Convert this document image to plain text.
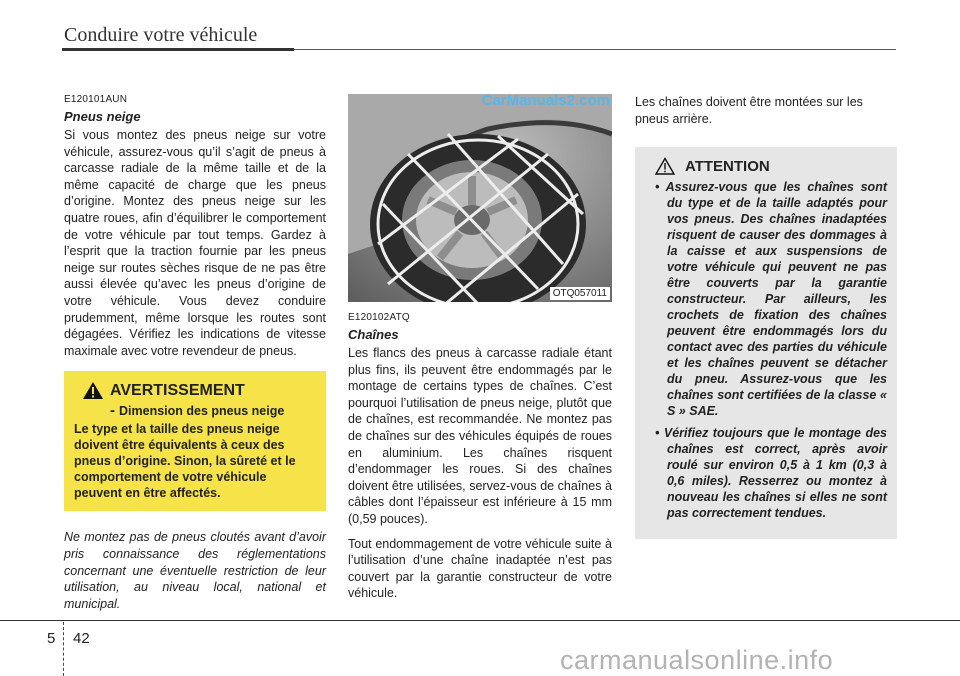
Conduire votre véhicule
E120101AUN
Pneus neige

Si vous montez des pneus neige sur votre véhicule, assurez-vous qu’il s’agit de pneus à carcasse radiale de la même taille et de la même capacité de charge que les pneus d’origine. Montez des pneus neige sur les quatre roues, afin d’équilibrer le comportement de votre véhicule par tout temps. Gardez à l’esprit que la traction fournie par les pneus neige sur routes sèches risque de ne pas être aussi élevée qu’avec les pneus d’origine de votre véhicule. Vous devez conduire prudemment, même lorsque les routes sont dégagées. Vérifiez les indications de vitesse maximale avec votre revendeur de pneus.

AVERTISSEMENT
- Dimension des pneus neige
Le type et la taille des pneus neige doivent être équivalents à ceux des pneus d’origine. Sinon, la sûreté et le comportement de votre véhicule peuvent en être affectés.

Ne montez pas de pneus cloutés avant d’avoir pris connaissance des réglementations concernant une éventuelle restriction de leur utilisation, au niveau local, national et municipal.

CarManuals2.com
OTQ057011
E120102ATQ
Chaînes

Les flancs des pneus à carcasse radiale étant plus fins, ils peuvent être endommagés par le montage de certains types de chaînes. C’est pourquoi l’utilisation de pneus neige, plutôt que de chaînes, est recommandée. Ne montez pas de chaînes sur des véhicules équipés de roues en aluminium. Les chaînes risquent d’endommager les roues. Si des chaînes doivent être utilisées, servez-vous de chaînes à câbles dont l’épaisseur est inférieure à 15 mm (0,59 pouces).

Tout endommagement de votre véhicule suite à l’utilisation d’une chaîne inadaptée n’est pas couvert par la garantie constructeur de votre véhicule.

Les chaînes doivent être montées sur les pneus arrière.

ATTENTION
• Assurez-vous que les chaînes sont du type et de la taille adaptés pour vos pneus. Des chaînes inadaptées risquent de causer des dommages à la caisse et aux suspensions de votre véhicule qui peuvent ne pas être couverts par la garantie constructeur. Par ailleurs, les crochets de fixation des chaînes peuvent être endommagés lors du contact avec des parties du véhicule et les chaînes peuvent se détacher du pneu. Assurez-vous que les chaînes sont certifiées de la classe « S » SAE.
• Vérifiez toujours que le montage des chaînes est correct, après avoir roulé sur environ 0,5 à 1 km (0,3 à 0,6 miles). Resserrez ou montez à nouveau les chaînes si elles ne sont pas correctement tendues.
5 42
carmanualsonline.info
